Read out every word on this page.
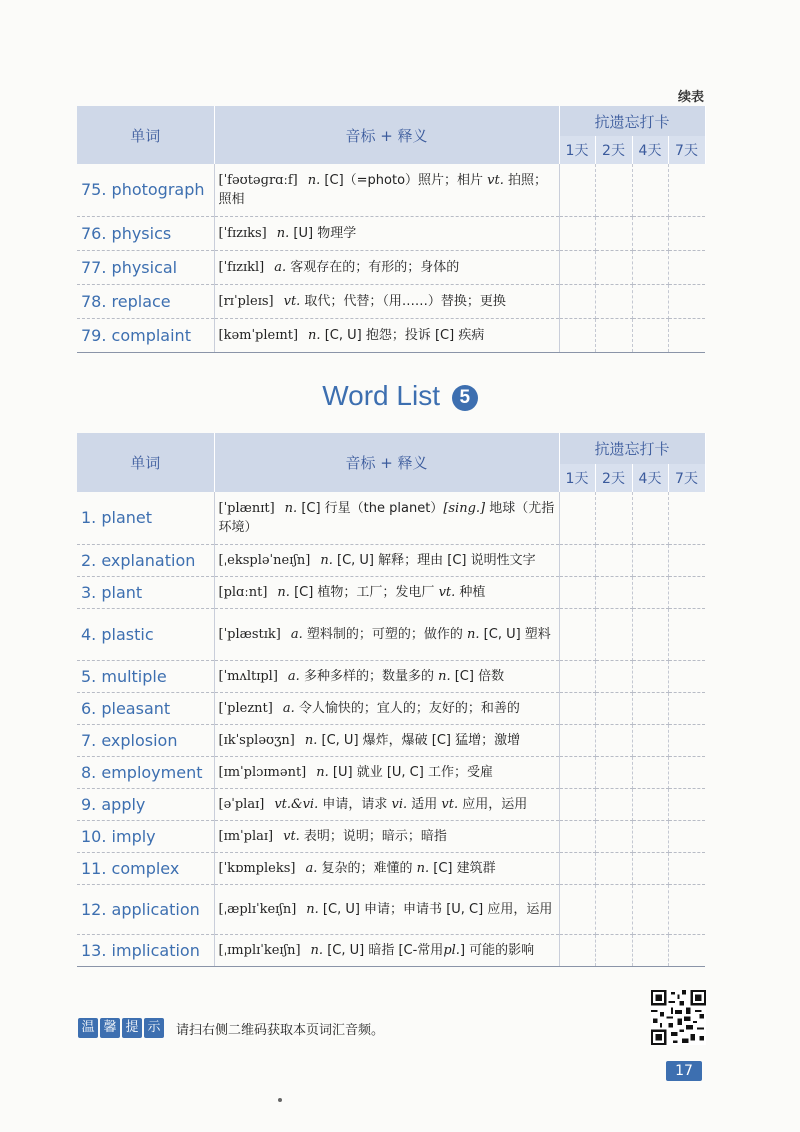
续表
单词	音标 + 释义	抗遗忘打卡			
		1天	2天	4天	7天
75. photograph	[ˈfəʊtəɡrɑːf] n. [C]（=photo）照片；相片 vt. 拍照；照相				
76. physics	[ˈfɪzɪks] n. [U] 物理学				
77. physical	[ˈfɪzɪkl] a. 客观存在的；有形的；身体的				
78. replace	[rɪˈpleɪs] vt. 取代；代替；（用……）替换；更换				
79. complaint	[kəmˈpleɪnt] n. [C, U] 抱怨；投诉 [C] 疾病				
Word List 5
单词	音标 + 释义	抗遗忘打卡			
		1天	2天	4天	7天
1. planet	[ˈplænɪt] n. [C] 行星（the planet）[sing.] 地球（尤指环境）				
2. explanation	[ˌekspləˈneɪʃn] n. [C, U] 解释；理由 [C] 说明性文字				
3. plant	[plɑːnt] n. [C] 植物；工厂；发电厂 vt. 种植				
4. plastic	[ˈplæstɪk] a. 塑料制的；可塑的；做作的 n. [C, U] 塑料				
5. multiple	[ˈmʌltɪpl] a. 多种多样的；数量多的 n. [C] 倍数				
6. pleasant	[ˈpleznt] a. 令人愉快的；宜人的；友好的；和善的				
7. explosion	[ɪkˈspləʊʒn] n. [C, U] 爆炸，爆破 [C] 猛增；激增				
8. employment	[ɪmˈplɔɪmənt] n. [U] 就业 [U, C] 工作；受雇				
9. apply	[əˈplaɪ] vt.&vi. 申请，请求 vi. 适用 vt. 应用，运用				
10. imply	[ɪmˈplaɪ] vt. 表明；说明；暗示；暗指				
11. complex	[ˈkɒmpleks] a. 复杂的；难懂的 n. [C] 建筑群				
12. application	[ˌæplɪˈkeɪʃn] n. [C, U] 申请；申请书 [U, C] 应用，运用				
13. implication	[ˌɪmplɪˈkeɪʃn] n. [C, U] 暗指 [C-常用pl.] 可能的影响				
温 馨 提 示 请扫右侧二维码获取本页词汇音频。
17
